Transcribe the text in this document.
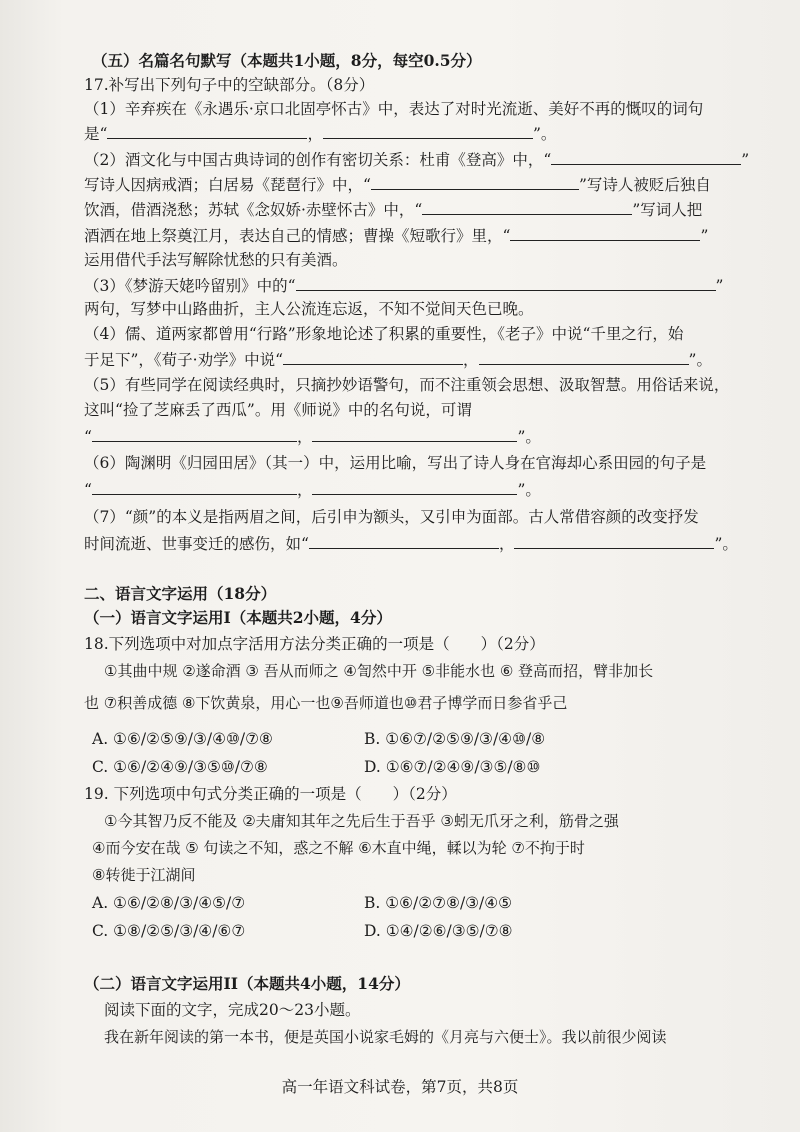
（五）名篇名句默写（本题共1小题，8分，每空0.5分）
17.补写出下列句子中的空缺部分。（8分）
（1）辛弃疾在《永遇乐·京口北固亭怀古》中，表达了对时光流逝、美好不再的慨叹的词句
是“	，	”。
（2）酒文化与中国古典诗词的创作有密切关系：杜甫《登高》中，“	”
写诗人因病戒酒；白居易《琵琶行》中，“	”写诗人被贬后独自
饮酒，借酒浇愁；苏轼《念奴娇·赤壁怀古》中，“	”写词人把
酒洒在地上祭奠江月，表达自己的情感；曹操《短歌行》里，“	”
运用借代手法写解除忧愁的只有美酒。
（3）《梦游天姥吟留别》中的“	”
两句，写梦中山路曲折，主人公流连忘返，不知不觉间天色已晚。
（4）儒、道两家都曾用“行路”形象地论述了积累的重要性，《老子》中说“千里之行，始
于足下”，《荀子·劝学》中说“	，	”。
（5）有些同学在阅读经典时，只摘抄妙语警句，而不注重领会思想、汲取智慧。用俗话来说，
这叫“捡了芝麻丢了西瓜”。用《师说》中的名句说，可谓
“	，	”。
（6）陶渊明《归园田居》（其一）中，运用比喻，写出了诗人身在官海却心系田园的句子是
“	，	”。
（7）“颜”的本义是指两眉之间，后引申为额头，又引申为面部。古人常借容颜的改变抒发
时间流逝、世事变迁的感伤，如“	，	”。
二、语言文字运用（18分）
（一）语言文字运用Ⅰ（本题共2小题，4分）
18.下列选项中对加点字活用方法分类正确的一项是（　　）（2分）
①其曲中规 ②遂命酒 ③ 吾从而师之 ④訇然中开 ⑤非能水也 ⑥ 登高而招，臂非加长
也 ⑦积善成德 ⑧下饮黄泉，用心一也⑨吾师道也⑩君子博学而日参省乎己
A. ①⑥/②⑤⑨/③/④⑩/⑦⑧	B. ①⑥⑦/②⑤⑨/③/④⑩/⑧
C. ①⑥/②④⑨/③⑤⑩/⑦⑧	D. ①⑥⑦/②④⑨/③⑤/⑧⑩
19. 下列选项中句式分类正确的一项是（　　）（2分）
①今其智乃反不能及 ②夫庸知其年之先后生于吾乎 ③蚓无爪牙之利，筋骨之强
④而今安在哉 ⑤ 句读之不知，惑之不解 ⑥木直中绳，輮以为轮 ⑦不拘于时
⑧转徙于江湖间
A. ①⑥/②⑧/③/④⑤/⑦	B. ①⑥/②⑦⑧/③/④⑤
C. ①⑧/②⑤/③/④/⑥⑦	D. ①④/②⑥/③⑤/⑦⑧
（二）语言文字运用II（本题共4小题，14分）
阅读下面的文字，完成20～23小题。
我在新年阅读的第一本书，便是英国小说家毛姆的《月亮与六便士》。我以前很少阅读
高一年语文科试卷，第7页，共8页
